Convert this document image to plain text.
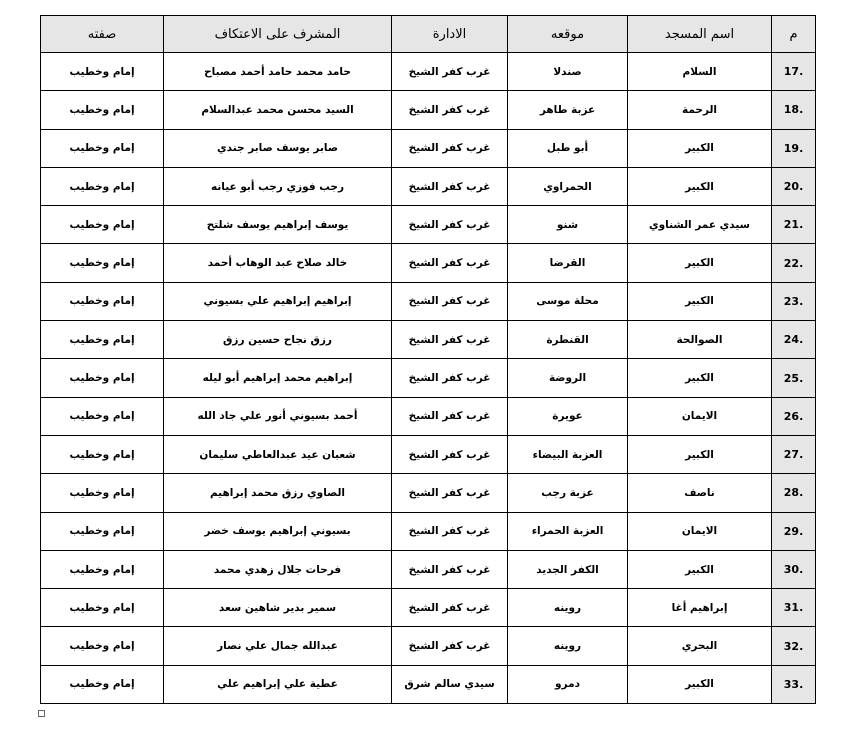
م	اسم المسجد	موقعه	الادارة	المشرف على الاعتكاف	صفته
.17	السلام	صندلا	غرب كفر الشيخ	حامد محمد حامد أحمد مصباح	إمام وخطيب
.18	الرحمة	عزبة طاهر	غرب كفر الشيخ	السيد محسن محمد عبدالسلام	إمام وخطيب
.19	الكبير	أبو طبل	غرب كفر الشيخ	صابر يوسف صابر جندي	إمام وخطيب
.20	الكبير	الحمراوي	غرب كفر الشيخ	رجب فوزي رجب أبو عيانه	إمام وخطيب
.21	سيدي عمر الشناوي	شنو	غرب كفر الشيخ	يوسف إبراهيم يوسف شلتح	إمام وخطيب
.22	الكبير	القرضا	غرب كفر الشيخ	خالد صلاح عبد الوهاب أحمد	إمام وخطيب
.23	الكبير	محلة موسى	غرب كفر الشيخ	إبراهيم إبراهيم علي بسيوني	إمام وخطيب
.24	الصوالحة	القنطرة	غرب كفر الشيخ	رزق نجاح حسين رزق	إمام وخطيب
.25	الكبير	الروضة	غرب كفر الشيخ	إبراهيم محمد إبراهيم أبو ليله	إمام وخطيب
.26	الايمان	عويرة	غرب كفر الشيخ	أحمد بسيوني أنور علي جاد الله	إمام وخطيب
.27	الكبير	العزبة البيضاء	غرب كفر الشيخ	شعبان عيد عبدالعاطي سليمان	إمام وخطيب
.28	ناصف	عزبة رجب	غرب كفر الشيخ	الصاوي رزق محمد إبراهيم	إمام وخطيب
.29	الايمان	العزبة الحمراء	غرب كفر الشيخ	بسيوني إبراهيم يوسف خضر	إمام وخطيب
.30	الكبير	الكفر الجديد	غرب كفر الشيخ	فرحات جلال زهدي محمد	إمام وخطيب
.31	إبراهيم أغا	روينه	غرب كفر الشيخ	سمير بدير شاهين سعد	إمام وخطيب
.32	البحري	روينه	غرب كفر الشيخ	عبدالله جمال علي نصار	إمام وخطيب
.33	الكبير	دمرو	سيدي سالم شرق	عطية علي إبراهيم علي	إمام وخطيب
